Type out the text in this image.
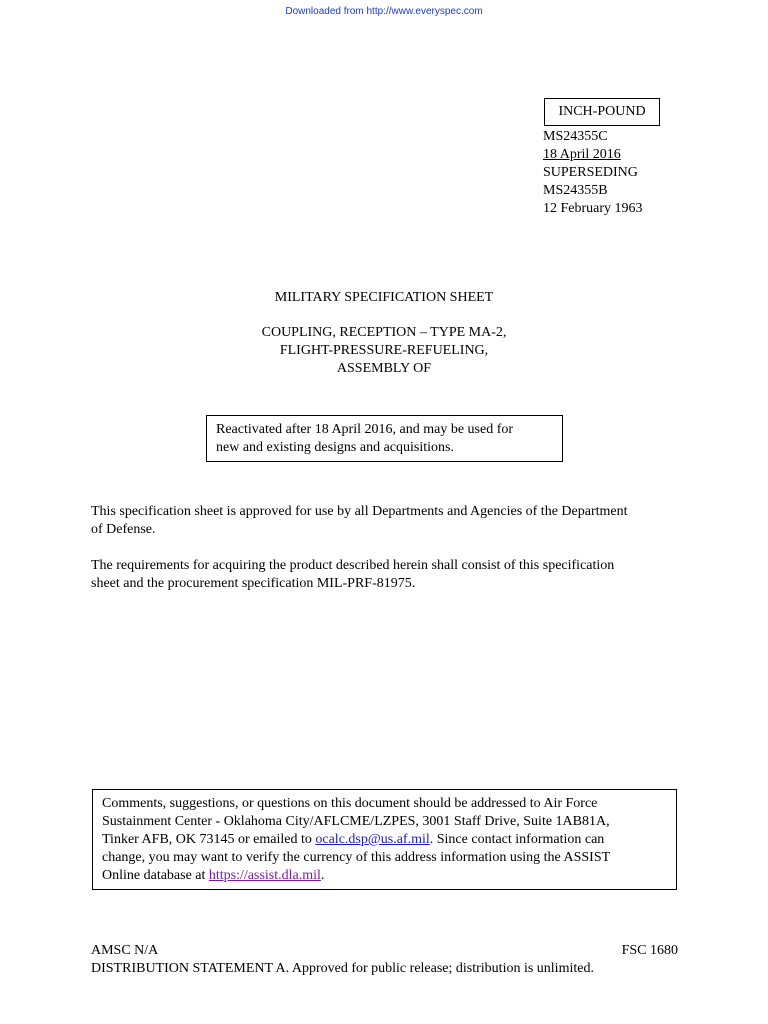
Downloaded from http://www.everyspec.com
INCH-POUND
MS24355C
18 April 2016
SUPERSEDING
MS24355B
12 February 1963
MILITARY SPECIFICATION SHEET
COUPLING, RECEPTION – TYPE MA-2,
FLIGHT-PRESSURE-REFUELING,
ASSEMBLY OF
Reactivated after 18 April 2016, and may be used for
new and existing designs and acquisitions.
This specification sheet is approved for use by all Departments and Agencies of the Department
of Defense.
The requirements for acquiring the product described herein shall consist of this specification
sheet and the procurement specification MIL-PRF-81975.
Comments, suggestions, or questions on this document should be addressed to Air Force
Sustainment Center - Oklahoma City/AFLCME/LZPES, 3001 Staff Drive, Suite 1AB81A,
Tinker AFB, OK 73145 or emailed to ocalc.dsp@us.af.mil. Since contact information can
change, you may want to verify the currency of this address information using the ASSIST
Online database at https://assist.dla.mil.
AMSC N/A	FSC 1680
DISTRIBUTION STATEMENT A. Approved for public release; distribution is unlimited.
